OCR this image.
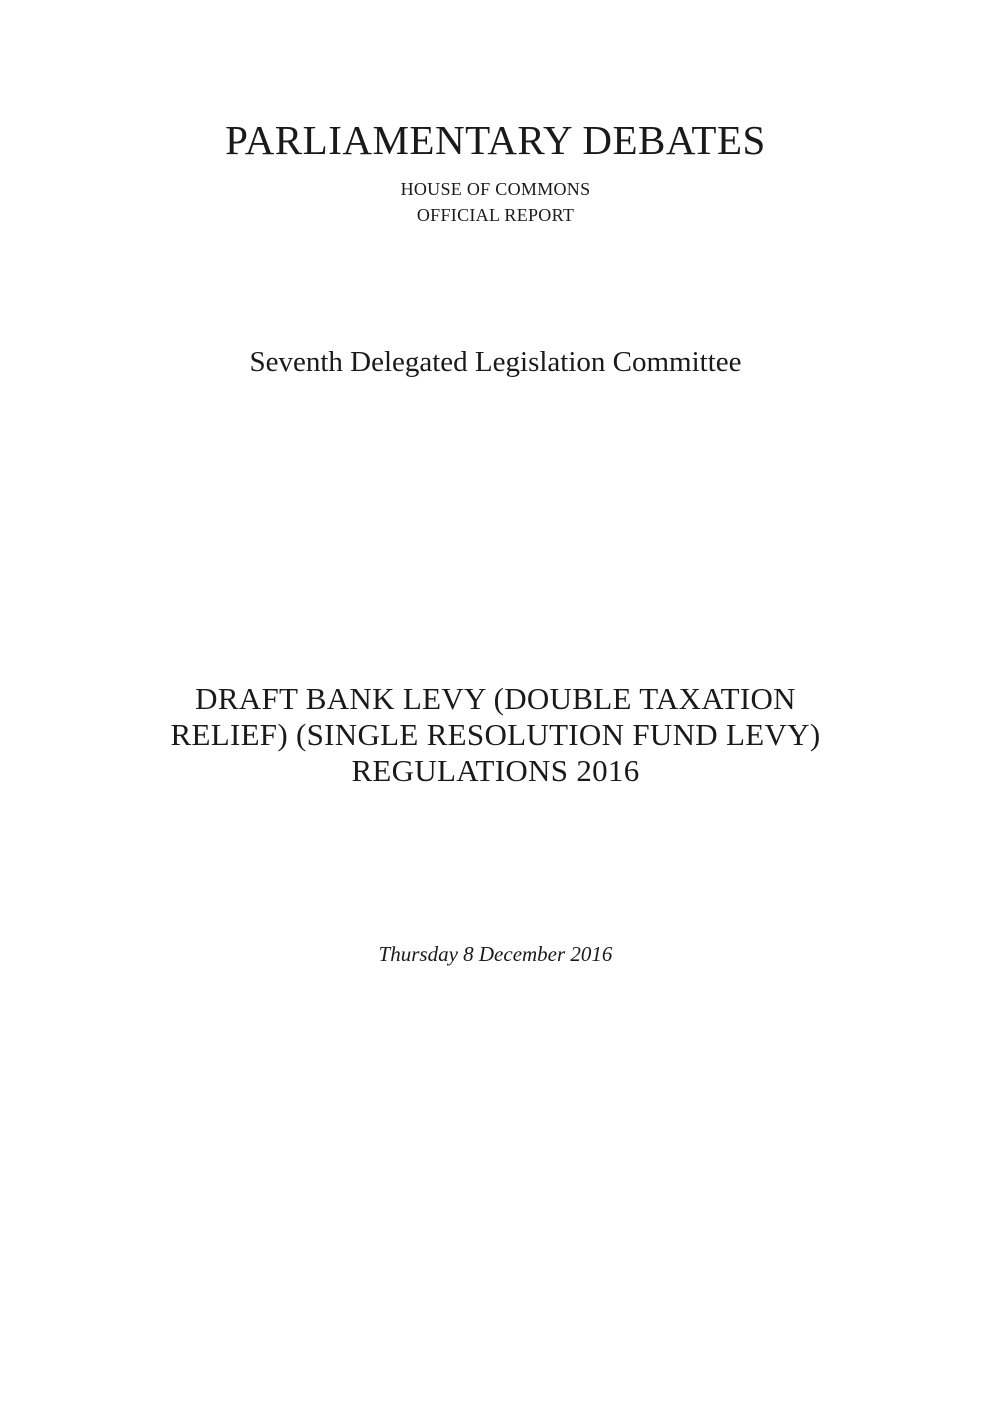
PARLIAMENTARY DEBATES
HOUSE OF COMMONS
OFFICIAL REPORT
Seventh Delegated Legislation Committee
DRAFT BANK LEVY (DOUBLE TAXATION
RELIEF) (SINGLE RESOLUTION FUND LEVY)
REGULATIONS 2016
Thursday 8 December 2016
